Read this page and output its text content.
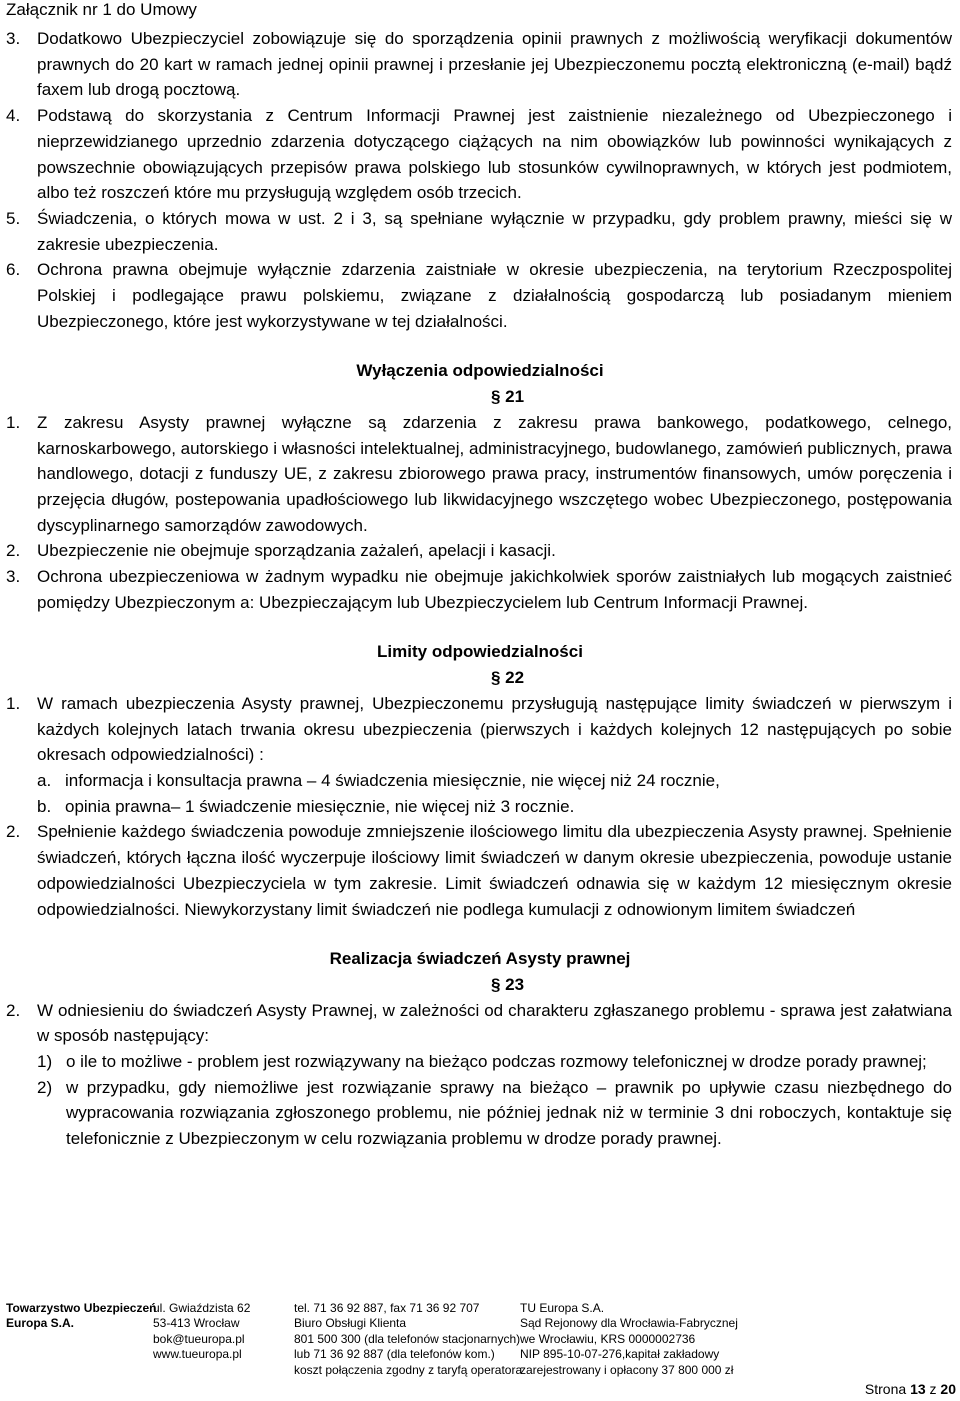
Załącznik nr 1 do Umowy
3. Dodatkowo Ubezpieczyciel zobowiązuje się do sporządzenia opinii prawnych z możliwością weryfikacji dokumentów prawnych do 20 kart w ramach jednej opinii prawnej i przesłanie jej Ubezpieczonemu pocztą elektroniczną (e-mail) bądź faxem lub drogą pocztową.
4. Podstawą do skorzystania z Centrum Informacji Prawnej jest zaistnienie niezależnego od Ubezpieczonego i nieprzewidzianego uprzednio zdarzenia dotyczącego ciążących na nim obowiązków lub powinności wynikających z powszechnie obowiązujących przepisów prawa polskiego lub stosunków cywilnoprawnych, w których jest podmiotem, albo też roszczeń które mu przysługują względem osób trzecich.
5. Świadczenia, o których mowa w ust. 2 i 3, są spełniane wyłącznie w przypadku, gdy problem prawny, mieści się w zakresie ubezpieczenia.
6. Ochrona prawna obejmuje wyłącznie zdarzenia zaistniałe w okresie ubezpieczenia, na terytorium Rzeczpospolitej Polskiej i podlegające prawu polskiemu, związane z działalnością gospodarczą lub posiadanym mieniem Ubezpieczonego, które jest wykorzystywane w tej działalności.
Wyłączenia odpowiedzialności
§ 21
1. Z zakresu Asysty prawnej wyłączne są zdarzenia z zakresu prawa bankowego, podatkowego, celnego, karnoskarbowego, autorskiego i własności intelektualnej, administracyjnego, budowlanego, zamówień publicznych, prawa handlowego, dotacji z funduszy UE, z zakresu zbiorowego prawa pracy, instrumentów finansowych, umów poręczenia i przejęcia długów, postepowania upadłościowego lub likwidacyjnego wszczętego wobec Ubezpieczonego, postępowania dyscyplinarnego samorządów zawodowych.
2. Ubezpieczenie nie obejmuje sporządzania zażaleń, apelacji i kasacji.
3. Ochrona ubezpieczeniowa w żadnym wypadku nie obejmuje jakichkolwiek sporów zaistniałych lub mogących zaistnieć pomiędzy Ubezpieczonym a: Ubezpieczającym lub Ubezpieczycielem lub Centrum Informacji Prawnej.
Limity odpowiedzialności
§ 22
1. W ramach ubezpieczenia Asysty prawnej, Ubezpieczonemu przysługują następujące limity świadczeń w pierwszym i każdych kolejnych latach trwania okresu ubezpieczenia (pierwszych i każdych kolejnych 12 następujących po sobie okresach odpowiedzialności) :
a. informacja i konsultacja prawna – 4 świadczenia miesięcznie, nie więcej niż 24 rocznie,
b. opinia prawna– 1 świadczenie miesięcznie, nie więcej niż 3 rocznie.
2. Spełnienie każdego świadczenia powoduje zmniejszenie ilościowego limitu dla ubezpieczenia Asysty prawnej. Spełnienie świadczeń, których łączna ilość wyczerpuje ilościowy limit świadczeń w danym okresie ubezpieczenia, powoduje ustanie odpowiedzialności Ubezpieczyciela w tym zakresie. Limit świadczeń odnawia się w każdym 12 miesięcznym okresie odpowiedzialności. Niewykorzystany limit świadczeń nie podlega kumulacji z odnowionym limitem świadczeń
Realizacja świadczeń Asysty prawnej
§ 23
2. W odniesieniu do świadczeń Asysty Prawnej, w zależności od charakteru zgłaszanego problemu - sprawa jest załatwiana w sposób następujący:
1) o ile to możliwe - problem jest rozwiązywany na bieżąco podczas rozmowy telefonicznej w drodze porady prawnej;
2) w przypadku, gdy niemożliwe jest rozwiązanie sprawy na bieżąco – prawnik po upływie czasu niezbędnego do wypracowania rozwiązania zgłoszonego problemu, nie później jednak niż w terminie 3 dni roboczych, kontaktuje się telefonicznie z Ubezpieczonym w celu rozwiązania problemu w drodze porady prawnej.
Towarzystwo Ubezpieczeń
Europa S.A.
ul. Gwiaździsta 62
53-413 Wrocław
bok@tueuropa.pl
www.tueuropa.pl
tel. 71 36 92 887, fax 71 36 92 707
Biuro Obsługi Klienta
801 500 300 (dla telefonów stacjonarnych)
lub 71 36 92 887 (dla telefonów kom.)
koszt połączenia zgodny z taryfą operatora
TU Europa S.A.
Sąd Rejonowy dla Wrocławia-Fabrycznej
we Wrocławiu, KRS 0000002736
NIP 895-10-07-276,kapitał zakładowy
zarejestrowany i opłacony 37 800 000 zł
Strona 13 z 20
